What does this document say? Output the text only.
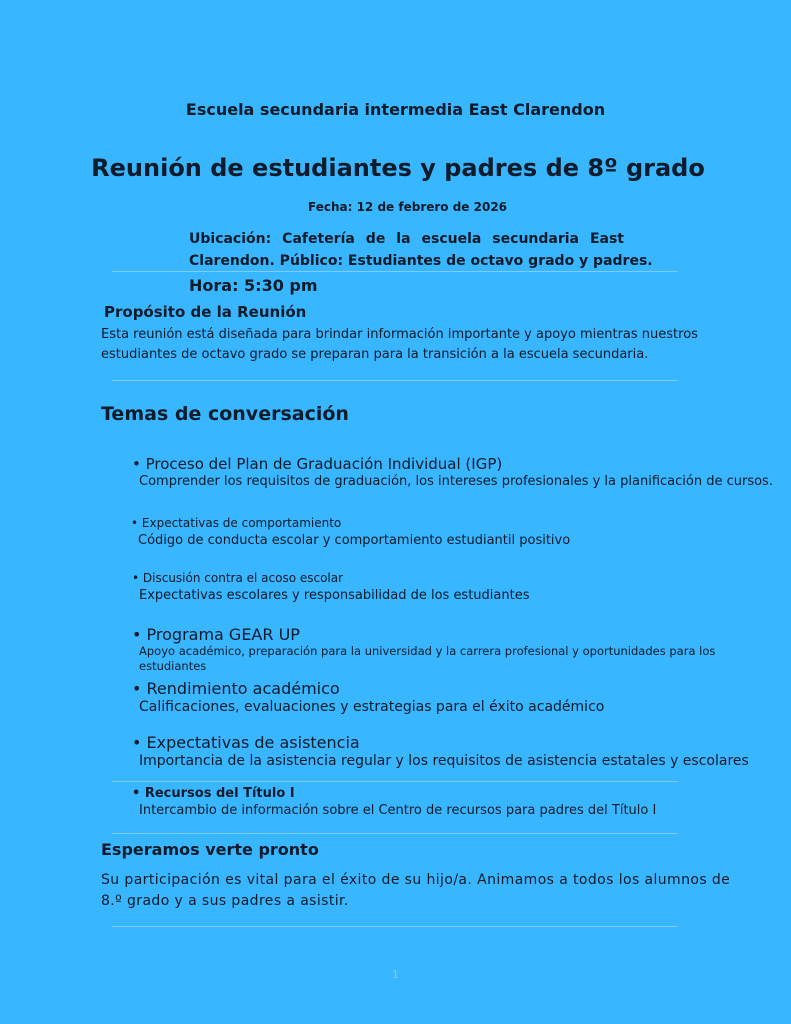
Escuela secundaria intermedia East Clarendon
Reunión de estudiantes y padres de 8º grado
Fecha: 12 de febrero de 2026
Ubicación: Cafetería de la escuela secundaria East
Clarendon. Público: Estudiantes de octavo grado y padres.
Hora: 5:30 pm
Propósito de la Reunión
Esta reunión está diseñada para brindar información importante y apoyo mientras nuestros
estudiantes de octavo grado se preparan para la transición a la escuela secundaria.
Temas de conversación
• Proceso del Plan de Graduación Individual (IGP)
Comprender los requisitos de graduación, los intereses profesionales y la planificación de cursos.
• Expectativas de comportamiento
Código de conducta escolar y comportamiento estudiantil positivo
• Discusión contra el acoso escolar
Expectativas escolares y responsabilidad de los estudiantes
• Programa GEAR UP
Apoyo académico, preparación para la universidad y la carrera profesional y oportunidades para los
estudiantes
• Rendimiento académico
Calificaciones, evaluaciones y estrategias para el éxito académico
• Expectativas de asistencia
Importancia de la asistencia regular y los requisitos de asistencia estatales y escolares
• Recursos del Título I
Intercambio de información sobre el Centro de recursos para padres del Título I
Esperamos verte pronto
Su participación es vital para el éxito de su hijo/a. Animamos a todos los alumnos de
8.º grado y a sus padres a asistir.
1
